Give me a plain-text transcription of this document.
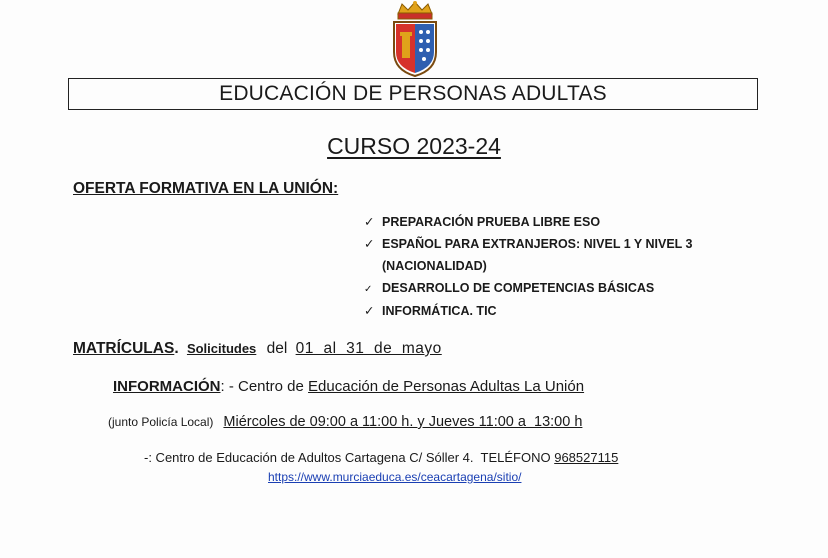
EDUCACIÓN DE PERSONAS ADULTAS
CURSO 2023-24
OFERTA FORMATIVA EN LA UNIÓN:
✓ PREPARACIÓN PRUEBA LIBRE ESO
✓ ESPAÑOL PARA EXTRANJEROS: NIVEL 1 Y NIVEL 3
(NACIONALIDAD)
✓ DESARROLLO DE COMPETENCIAS BÁSICAS
✓ INFORMÁTICA. TIC
MATRÍCULAS. Solicitudes del 01  al  31  de  mayo
INFORMACIÓN: - Centro de Educación de Personas Adultas La Unión
(junto Policía Local) Miércoles de 09:00 a 11:00 h. y Jueves 11:00 a  13:00 h
-: Centro de Educación de Adultos Cartagena C/ Sóller 4.  TELÉFONO 968527115
https://www.murciaeduca.es/ceacartagena/sitio/
